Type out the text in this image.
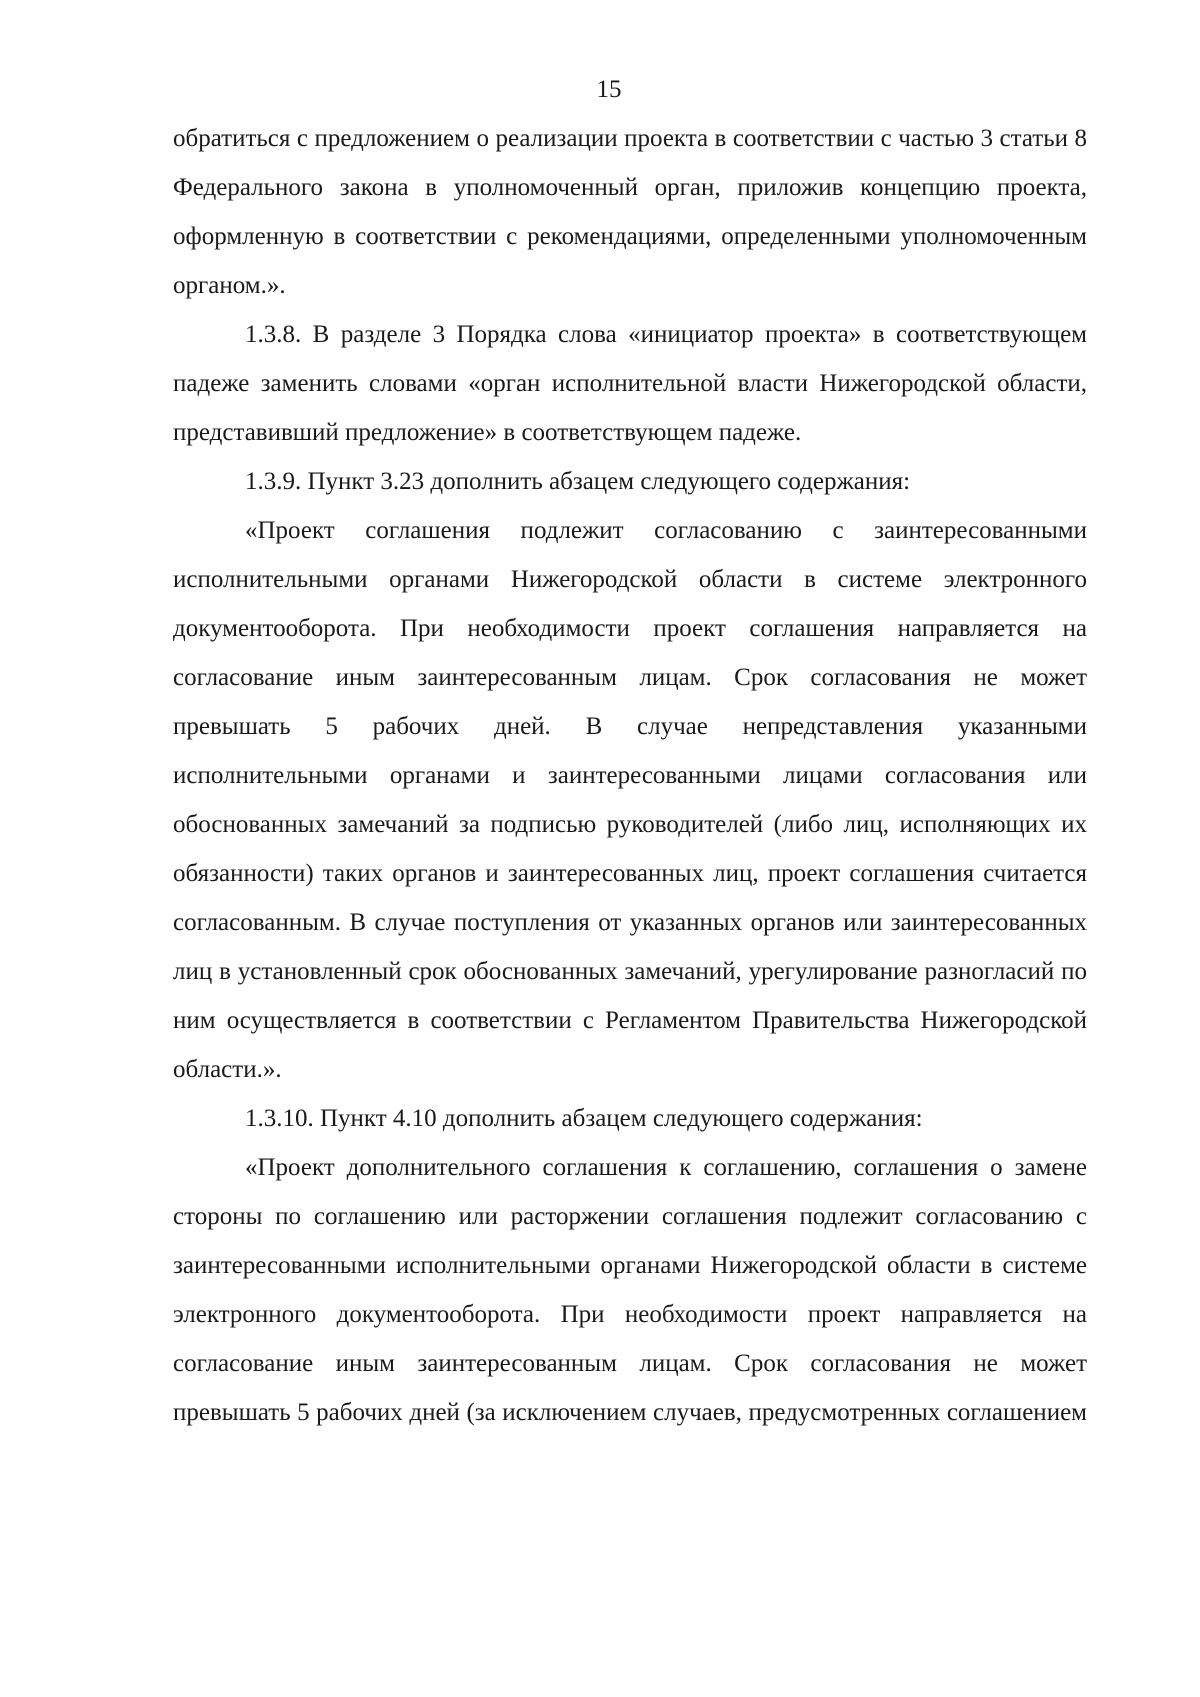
15

обратиться с предложением о реализации проекта в соответствии с частью 3 статьи 8 Федерального закона в уполномоченный орган, приложив концепцию проекта, оформленную в соответствии с рекомендациями, определенными уполномоченным органом.».

1.3.8. В разделе 3 Порядка слова «инициатор проекта» в соответствующем падеже заменить словами «орган исполнительной власти Нижегородской области, представивший предложение» в соответствующем падеже.

1.3.9. Пункт 3.23 дополнить абзацем следующего содержания:

«Проект соглашения подлежит согласованию с заинтересованными исполнительными органами Нижегородской области в системе электронного документооборота. При необходимости проект соглашения направляется на согласование иным заинтересованным лицам. Срок согласования не может превышать 5 рабочих дней. В случае непредставления указанными исполнительными органами и заинтересованными лицами согласования или обоснованных замечаний за подписью руководителей (либо лиц, исполняющих их обязанности) таких органов и заинтересованных лиц, проект соглашения считается согласованным. В случае поступления от указанных органов или заинтересованных лиц в установленный срок обоснованных замечаний, урегулирование разногласий по ним осуществляется в соответствии с Регламентом Правительства Нижегородской области.».

1.3.10. Пункт 4.10 дополнить абзацем следующего содержания:

«Проект дополнительного соглашения к соглашению, соглашения о замене стороны по соглашению или расторжении соглашения подлежит согласованию с заинтересованными исполнительными органами Нижегородской области в системе электронного документооборота. При необходимости проект направляется на согласование иным заинтересованным лицам. Срок согласования не может превышать 5 рабочих дней (за исключением случаев, предусмотренных соглашением
